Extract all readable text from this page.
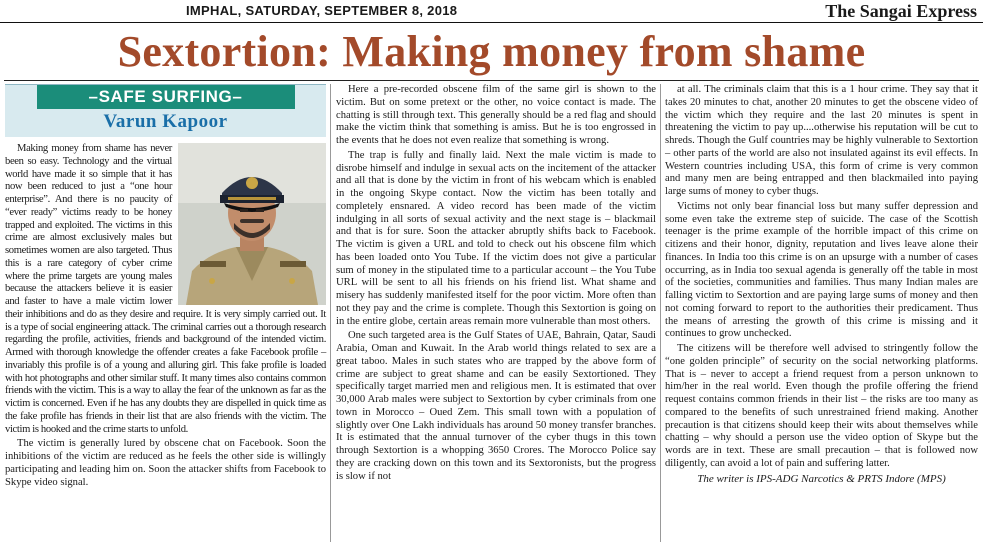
IMPHAL, SATURDAY, SEPTEMBER 8, 2018	The Sangai Express
Sextortion: Making money from shame
–SAFE SURFING–
Varun Kapoor

Making money from shame has never been so easy. Technology and the virtual world have made it so simple that it has now been reduced to just a “one hour enterprise”. And there is no paucity of “ever ready” victims ready to be honey trapped and exploited. The victims in this crime are almost exclusively males but sometimes women are also targeted. Thus this is a rare category of cyber crime where the prime targets are young males because the attackers believe it is easier and faster to have a male victim lower their inhibitions and do as they desire and require. It is very simply carried out. It is a type of social engineering attack. The criminal carries out a thorough research regarding the profile, activities, friends and background of the intended victim. Armed with thorough knowledge the offender creates a fake Facebook profile – invariably this profile is of a young and alluring girl. This fake profile is loaded with hot photographs and other similar stuff. It many times also contains common friends with the victim. This is a way to allay the fear of the unknown as far as the victim is concerned. Even if he has any doubts they are dispelled in quick time as the fake profile has friends in their list that are also friends with the victim. The victim is hooked and the crime starts to unfold.

The victim is generally lured by obscene chat on Facebook. Soon the inhibitions of the victim are reduced as he feels the other side is willingly participating and leading him on. Soon the attacker shifts from Facebook to Skype video signal.

Here a pre-recorded obscene film of the same girl is shown to the victim. But on some pretext or the other, no voice contact is made. The chatting is still through text. This generally should be a red flag and should make the victim think that something is amiss. But he is too engrossed in the events that he does not even realize that something is wrong.

The trap is fully and finally laid. Next the male victim is made to disrobe himself and indulge in sexual acts on the incitement of the attacker and all that is done by the victim in front of his webcam which is enabled in the ongoing Skype contact. Now the victim has been totally and completely ensnared. A video record has been made of the victim indulging in all sorts of sexual activity and the next stage is – blackmail and that is for sure. Soon the attacker abruptly shifts back to Facebook. The victim is given a URL and told to check out his obscene film which has been loaded onto You Tube. If the victim does not give a particular sum of money in the stipulated time to a particular account – the You Tube URL will be sent to all his friends on his friend list. What shame and misery has suddenly manifested itself for the poor victim. More often than not they pay and the crime is complete. Though this Sextortion is going on in the entire globe, certain areas remain more vulnerable than most others.

One such targeted area is the Gulf States of UAE, Bahrain, Qatar, Saudi Arabia, Oman and Kuwait. In the Arab world things related to sex are a great taboo. Males in such states who are trapped by the above form of crime are subject to great shame and can be easily Sextortioned. They specifically target married men and religious men. It is estimated that over 30,000 Arab males were subject to Sextortion by cyber criminals from one town in Morocco – Oued Zem. This small town with a population of slightly over One Lakh individuals has around 50 money transfer branches. It is estimated that the annual turnover of the cyber thugs in this town through Sextortion is a whopping 3650 Crores. The Morocco Police say they are cracking down on this town and its Sextoronists, but the progress is slow if not

at all. The criminals claim that this is a 1 hour crime. They say that it takes 20 minutes to chat, another 20 minutes to get the obscene video of the victim which they require and the last 20 minutes is spent in threatening the victim to pay up....otherwise his reputation will be cut to shreds. Though the Gulf countries may be highly vulnerable to Sextortion – other parts of the world are also not insulated against its evil effects. In Western countries including USA, this form of crime is very common and many men are being entrapped and then blackmailed into paying large sums of money to cyber thugs.

Victims not only bear financial loss but many suffer depression and some even take the extreme step of suicide. The case of the Scottish teenager is the prime example of the horrible impact of this crime on citizens and their honor, dignity, reputation and lives leave alone their finances. In India too this crime is on an upsurge with a number of cases occurring, as in India too sexual agenda is generally off the table in most of the societies, communities and families. Thus many Indian males are falling victim to Sextortion and are paying large sums of money and then not coming forward to report to the authorities their predicament. Thus the means of arresting the growth of this crime is missing and it continues to grow unchecked.

The citizens will be therefore well advised to stringently follow the “one golden principle” of security on the social networking platforms. That is – never to accept a friend request from a person unknown to him/her in the real world. Even though the profile offering the friend request contains common friends in their list – the risks are too many as compared to the benefits of such unrestrained friend making. Another precaution is that citizens should keep their wits about themselves while chatting – why should a person use the video option of Skype but the words are in text. These are small precaution – that is followed now diligently, can avoid a lot of pain and suffering latter.

The writer is IPS-ADG Narcotics & PRTS Indore (MPS)
